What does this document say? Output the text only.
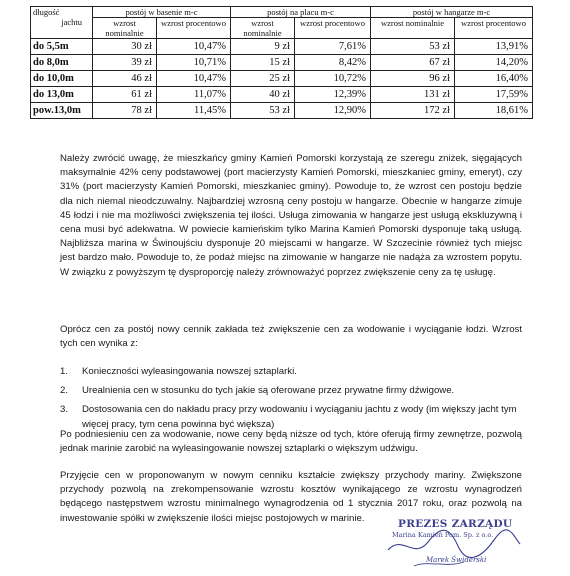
długość
jachtu	postój w basenie m-c		postój na placu m-c		postój w hangarze m-c	
	wzrost nominalnie	wzrost procentowo	wzrost nominalnie	wzrost procentowo	wzrost nominalnie	wzrost procentowo
do 5,5m	30 zł	10,47%	9 zł	7,61%	53 zł	13,91%
do 8,0m	39 zł	10,71%	15 zł	8,42%	67 zł	14,20%
do 10,0m	46 zł	10,47%	25 zł	10,72%	96 zł	16,40%
do 13,0m	61 zł	11,07%	40 zł	12,39%	131 zł	17,59%
pow.13,0m	78 zł	11,45%	53 zł	12,90%	172 zł	18,61%

Należy zwrócić uwagę, że mieszkańcy gminy Kamień Pomorski korzystają ze szeregu zniżek, sięgających maksymalnie 42% ceny podstawowej (port macierzysty Kamień Pomorski, mieszkaniec gminy, emeryt), czy 31% (port macierzysty Kamień Pomorski, mieszkaniec gminy). Powoduje to, że wzrost cen postoju będzie dla nich niemal nieodczuwalny. Najbardziej wzrosną ceny postoju w hangarze. Obecnie w hangarze zimuje 45 łodzi i nie ma możliwości zwiększenia tej ilości. Usługa zimowania w hangarze jest usługą ekskluzywną i cena musi być adekwatna. W powiecie kamieńskim tylko Marina Kamień Pomorski dysponuje taką usługą. Najbliższa marina w Świnoujściu dysponuje 20 miejscami w hangarze. W Szczecinie również tych miejsc jest bardzo mało. Powoduje to, że podaż miejsc na zimowanie w hangarze nie nadąża za wzrostem popytu. W związku z powyższym tę dysproporcję należy zrównoważyć poprzez zwiększenie ceny za tę usługę.

Oprócz cen za postój nowy cennik zakłada też zwiększenie cen za wodowanie i wyciąganie łodzi. Wzrost tych cen wynika z:

1. Konieczności wyleasingowania nowszej sztaplarki.
2. Urealnienia cen w stosunku do tych jakie są oferowane przez prywatne firmy dźwigowe.
3. Dostosowania cen do nakładu pracy przy wodowaniu i wyciąganiu jachtu z wody (im większy jacht tym więcej pracy, tym cena powinna być większa)

Po podniesieniu cen za wodowanie, nowe ceny będą niższe od tych, które oferują firmy zewnętrze, pozwolą jednak marinie zarobić na wyleasingowanie nowszej sztaplarki o większym udźwigu.

Przyjęcie cen w proponowanym w nowym cenniku kształcie zwiększy przychody mariny. Zwiększone przychody pozwolą na zrekompensowanie wzrostu kosztów wynikającego ze wzrostu wynagrodzeń będącego następstwem wzrostu minimalnego wynagrodzenia od 1 stycznia 2017 roku, oraz pozwolą na inwestowanie spółki w zwiększenie ilości miejsc postojowych w marinie.	PREZES ZARZĄDU
Marina Kamień Pom. Sp. z o.o.
Marek Świderski
